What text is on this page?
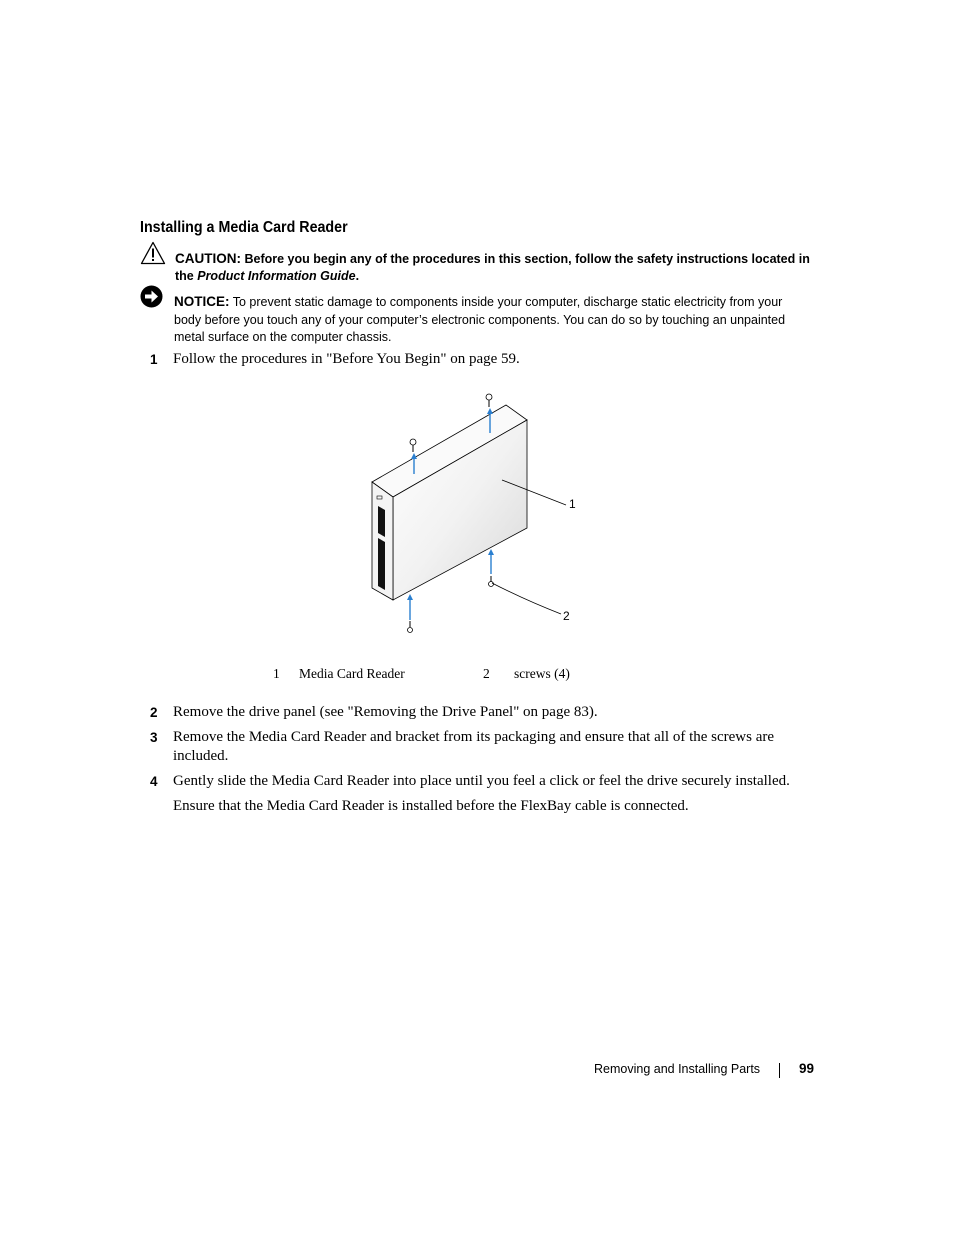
Installing a Media Card Reader
CAUTION: Before you begin any of the procedures in this section, follow the safety instructions located in the Product Information Guide.
NOTICE: To prevent static damage to components inside your computer, discharge static electricity from your body before you touch any of your computer’s electronic components. You can do so by touching an unpainted metal surface on the computer chassis.
1 Follow the procedures in "Before You Begin" on page 59.
1
2
1 Media Card Reader	2 screws (4)
2 Remove the drive panel (see "Removing the Drive Panel" on page 83).
3 Remove the Media Card Reader and bracket from its packaging and ensure that all of the screws are included.
4 Gently slide the Media Card Reader into place until you feel a click or feel the drive securely installed.
Ensure that the Media Card Reader is installed before the FlexBay cable is connected.
Removing and Installing Parts	99
